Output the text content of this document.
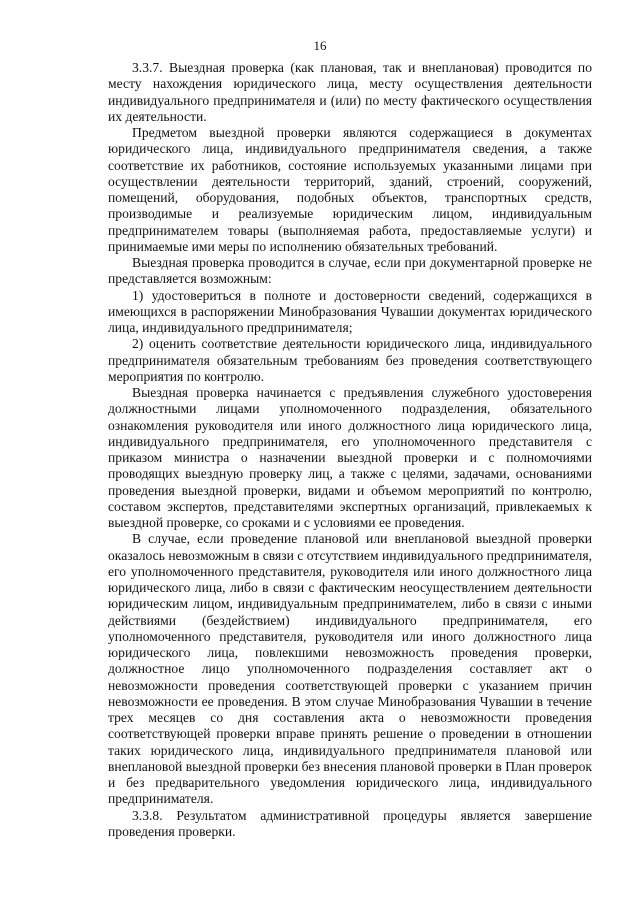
16

3.3.7. Выездная проверка (как плановая, так и внеплановая) проводится по месту нахождения юридического лица, месту осуществления деятельности индивидуального предпринимателя и (или) по месту фактического осуществления их деятельности.

Предметом выездной проверки являются содержащиеся в документах юридического лица, индивидуального предпринимателя сведения, а также соответствие их работников, состояние используемых указанными лицами при осуществлении деятельности территорий, зданий, строений, сооружений, помещений, оборудования, подобных объектов, транспортных средств, производимые и реализуемые юридическим лицом, индивидуальным предпринимателем товары (выполняемая работа, предоставляемые услуги) и принимаемые ими меры по исполнению обязательных требований.

Выездная проверка проводится в случае, если при документарной проверке не представляется возможным:

1) удостовериться в полноте и достоверности сведений, содержащихся в имеющихся в распоряжении Минобразования Чувашии документах юридического лица, индивидуального предпринимателя;

2) оценить соответствие деятельности юридического лица, индивидуального предпринимателя обязательным требованиям без проведения соответствующего мероприятия по контролю.

Выездная проверка начинается с предъявления служебного удостоверения должностными лицами уполномоченного подразделения, обязательного ознакомления руководителя или иного должностного лица юридического лица, индивидуального предпринимателя, его уполномоченного представителя с приказом министра о назначении выездной проверки и с полномочиями проводящих выездную проверку лиц, а также с целями, задачами, основаниями проведения выездной проверки, видами и объемом мероприятий по контролю, составом экспертов, представителями экспертных организаций, привлекаемых к выездной проверке, со сроками и с условиями ее проведения.

В случае, если проведение плановой или внеплановой выездной проверки оказалось невозможным в связи с отсутствием индивидуального предпринимателя, его уполномоченного представителя, руководителя или иного должностного лица юридического лица, либо в связи с фактическим неосуществлением деятельности юридическим лицом, индивидуальным предпринимателем, либо в связи с иными действиями (бездействием) индивидуального предпринимателя, его уполномоченного представителя, руководителя или иного должностного лица юридического лица, повлекшими невозможность проведения проверки, должностное лицо уполномоченного подразделения составляет акт о невозможности проведения соответствующей проверки с указанием причин невозможности ее проведения. В этом случае Минобразования Чувашии в течение трех месяцев со дня составления акта о невозможности проведения соответствующей проверки вправе принять решение о проведении в отношении таких юридического лица, индивидуального предпринимателя плановой или внеплановой выездной проверки без внесения плановой проверки в План проверок и без предварительного уведомления юридического лица, индивидуального предпринимателя.

3.3.8. Результатом административной процедуры является завершение проведения проверки.
